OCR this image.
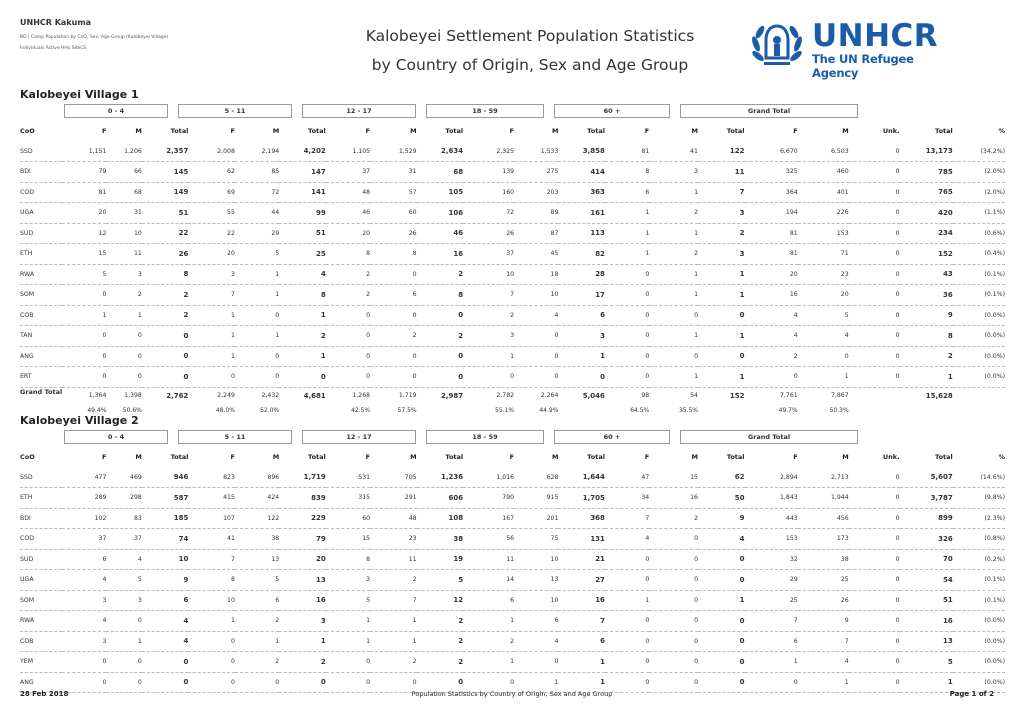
UNHCR Kakuma
BO | Camp Population by CoO, Sex, Age Group (Kalobeyei Village)
Individuals Active HHs SiteCS
Kalobeyei Settlement Population Statistics
by Country of Origin, Sex and Age Group
UNHCR
The UN Refugee Agency
Kalobeyei Village 1
0 - 4	5 - 11	12 - 17	18 - 59	60 +	Grand Total
CoO	F	M	Total	F	M	Total	F	M	Total	F	M	Total	F	M	Total	F	M	Unk.	Total	%
SSD	1,151	1,206	2,357	2,008	2,194	4,202	1,105	1,529	2,634	2,325	1,533	3,858	81	41	122	6,670	6,503	0	13,173	(34.2%)
BDI	79	66	145	62	85	147	37	31	68	139	275	414	8	3	11	325	460	0	785	(2.0%)
COD	81	68	149	69	72	141	48	57	105	160	203	363	6	1	7	364	401	0	765	(2.0%)
UGA	20	31	51	55	44	99	46	60	106	72	89	161	1	2	3	194	226	0	420	(1.1%)
SUD	12	10	22	22	29	51	20	26	46	26	87	113	1	1	2	81	153	0	234	(0.6%)
ETH	15	11	26	20	5	25	8	8	16	37	45	82	1	2	3	81	71	0	152	(0.4%)
RWA	5	3	8	3	1	4	2	0	2	10	18	28	0	1	1	20	23	0	43	(0.1%)
SOM	0	2	2	7	1	8	2	6	8	7	10	17	0	1	1	16	20	0	36	(0.1%)
COB	1	1	2	1	0	1	0	0	0	2	4	6	0	0	0	4	5	0	9	(0.0%)
TAN	0	0	0	1	1	2	0	2	2	3	0	3	0	1	1	4	4	0	8	(0.0%)
ANG	0	0	0	1	0	1	0	0	0	1	0	1	0	0	0	2	0	0	2	(0.0%)
ERT	0	0	0	0	0	0	0	0	0	0	0	0	0	1	1	0	1	0	1	(0.0%)
Grand Total	1,364	1,398	2,762	2,249	2,432	4,681	1,268	1,719	2,987	2,782	2,264	5,046	98	54	152	7,761	7,867		15,628	
	49.4%	50.6%		48.0%	52.0%		42.5%	57.5%		55.1%	44.9%		64.5%	35.5%		49.7%	50.3%			
Kalobeyei Village 2
0 - 4	5 - 11	12 - 17	18 - 59	60 +	Grand Total
CoO	F	M	Total	F	M	Total	F	M	Total	F	M	Total	F	M	Total	F	M	Unk.	Total	%
SSD	477	469	946	823	896	1,719	531	705	1,236	1,016	628	1,644	47	15	62	2,894	2,713	0	5,607	(14.6%)
ETH	289	298	587	415	424	839	315	291	606	790	915	1,705	34	16	50	1,843	1,944	0	3,787	(9.8%)
BDI	102	83	185	107	122	229	60	48	108	167	201	368	7	2	9	443	456	0	899	(2.3%)
COD	37	37	74	41	38	79	15	23	38	56	75	131	4	0	4	153	173	0	326	(0.8%)
SUD	6	4	10	7	13	20	8	11	19	11	10	21	0	0	0	32	38	0	70	(0.2%)
UGA	4	5	9	8	5	13	3	2	5	14	13	27	0	0	0	29	25	0	54	(0.1%)
SOM	3	3	6	10	6	16	5	7	12	6	10	16	1	0	1	25	26	0	51	(0.1%)
RWA	4	0	4	1	2	3	1	1	2	1	6	7	0	0	0	7	9	0	16	(0.0%)
COB	3	1	4	0	1	1	1	1	2	2	4	6	0	0	0	6	7	0	13	(0.0%)
YEM	0	0	0	0	2	2	0	2	2	1	0	1	0	0	0	1	4	0	5	(0.0%)
ANG	0	0	0	0	0	0	0	0	0	0	1	1	0	0	0	0	1	0	1	(0.0%)
28 Feb 2018	Population Statistics by Country of Origin, Sex and Age Group	Page 1 of 2
